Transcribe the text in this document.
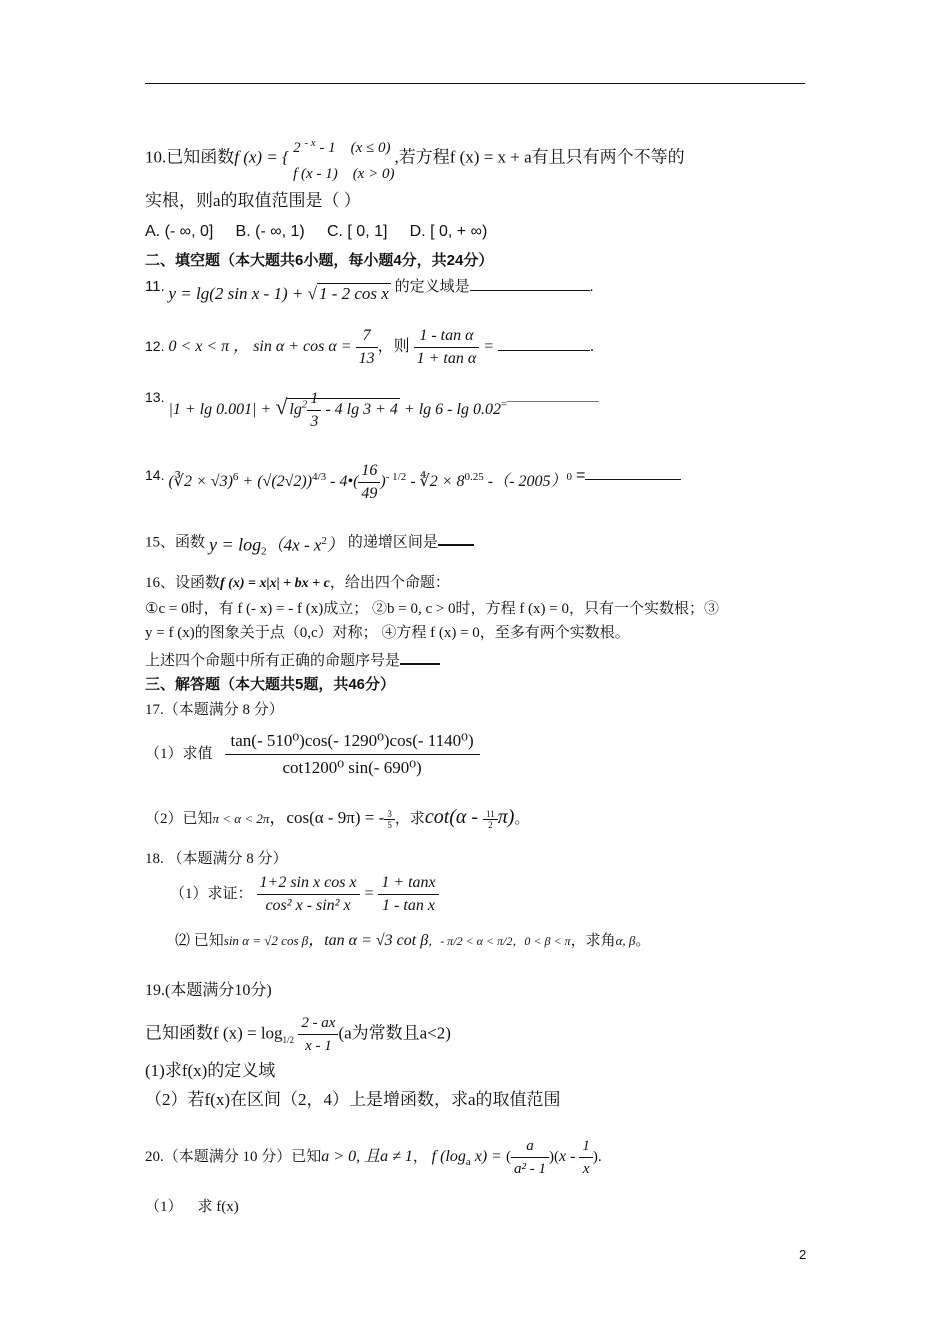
10.已知函数f (x) = { 2 $^{- x}$ - 1 (x ≤ 0)
f (x - 1) (x > 0)
,若方程f (x) = x + a有且只有两个不等的
实根，则a的取值范围是（ ）
A. (- ∞, 0] B. (- ∞, 1) C. [ 0, 1] D. [ 0, + ∞)
二、填空题（本大题共6小题，每小题4分，共24分）
11. y = lg(2 sin x - 1) + √ 1 - 2 cos x 的定义域是	.
12. 0 < x < π ， $\sin \alpha + \cos \alpha = \frac{7}{13}$ ，则 $\frac{\text{1 - tan α}}{\text{1 + tan α}}$ =	.
13. |1 + lg 0.001| + √ $\lg^2 \frac{1}{3} - 4$ lg 3 + 4 + lg 6 - lg 0.02=
14. (∛2 × $√3)^6 + (√(2√2))^{4/3}$ - 4•( $\frac{16}{49} )^{- 1/2}$ - ∜2 × $8^{0.25}$ -（- 2005）$^0$ =
15、函数 $y = \log_2(4x - x^2)$ 的递增区间是
16、设函数f (x) = x|x| + bx + c，给出四个命题：
①c = 0时，有 f (- x) = - f (x)成立； ②b = 0, c > 0时，方程 f (x) = 0，只有一个实数根；③
y = f (x)的图象关于点（0,c）对称； ④方程 f (x) = 0，至多有两个实数根。
上述四个命题中所有正确的命题序号是
三、解答题（本大题共5题，共46分）
17.（本题满分 8 分）
（1）求值 $\frac{\text{tan(- 510⁰)cos(- 1290⁰)cos(- 1140⁰)}}{\text{cot1200⁰ sin(- 690⁰)}}$
（2）已知π < α < 2π，cos(α - 9π) = - $\frac{3}{5}$ ，求$\cot(\alpha - \frac{11}{2} \pi)$。
18. （本题满分 8 分）
（1）求证： $\frac{\text{1+2 sin x cos x}}{\text{cos² x - sin² x}} = \frac{1 + \tan x}{\text{1 - tan x}}$
⑵ 已知sin α = √2 cos β，tan α = √3 cot β，- π/2 < α < π/2，0 < β < π，求角α, β。
19.(本题满分10分)
已知函数f $(x) = \log_{1/2} \frac{2 - ax}{x - 1} (a$为常数且a<2)
(1)求f(x)的定义域
（2）若f(x)在区间（2，4）上是增函数，求a的取值范围
20.（本题满分 10 分）已知a > 0, 且a ≠ 1， f ($\log_a$ x) = ( $\frac{a}{\text{a² - 1}} )(x - \frac{1}{x}$ ).
（1） 求 f(x)
2
